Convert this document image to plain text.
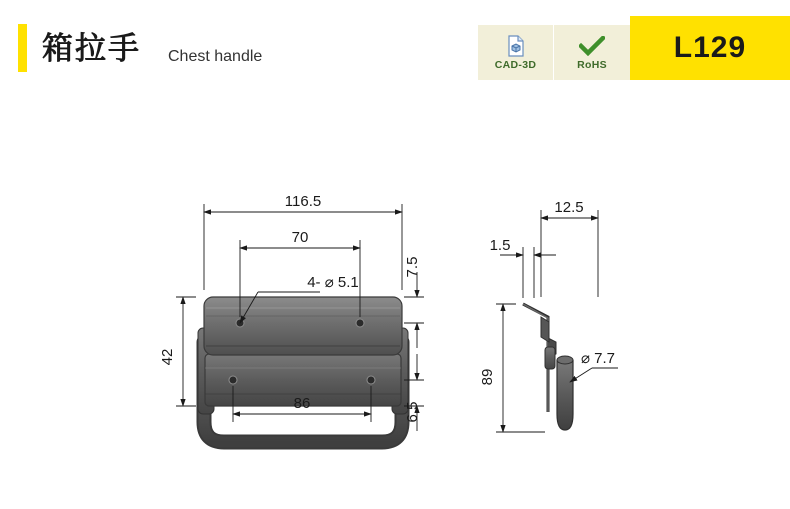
箱拉手 Chest handle	CAD-3D	RoHS
L129
116.5
70
4- ⌀ 5.1
42
86
7.5
6.5
12.5
1.5
89
⌀ 7.7
